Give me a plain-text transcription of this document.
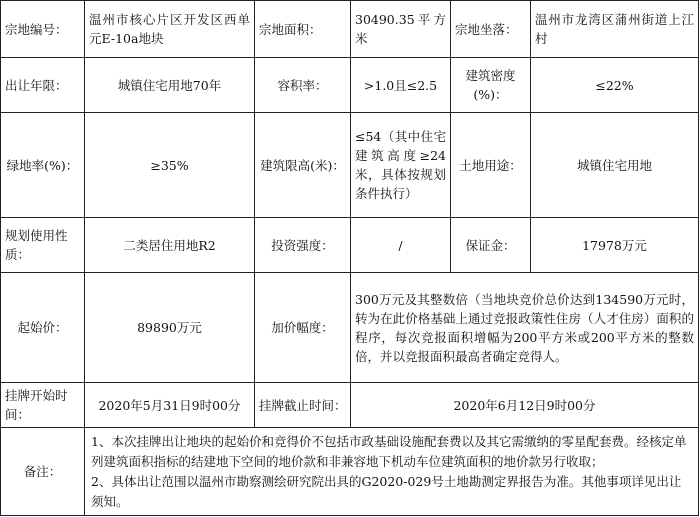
宗地编号：	温州市核心片区开发区西单元E-10a地块	宗地面积：	30490.35平方米	宗地坐落：	温州市龙湾区蒲州街道上江村
出让年限：	城镇住宅用地70年	容积率：	>1.0且≤2.5	建筑密度(%)：	≤22%
绿地率(%)：	≥35%	建筑限高(米)：	≤54（其中住宅建筑高度≥24米，具体按规划条件执行）	土地用途：	城镇住宅用地
规划使用性质：	二类居住用地R2	投资强度：	/	保证金：	17978万元
起始价：	89890万元	加价幅度：	300万元及其整数倍（当地块竞价总价达到134590万元时，转为在此价格基础上通过竞报政策性住房（人才住房）面积的程序，每次竞报面积增幅为200平方米或200平方米的整数倍，并以竞报面积最高者确定竞得人。		
挂牌开始时间：	2020年5月31日9时00分	挂牌截止时间：	2020年6月12日9时00分		
备注：	1、本次挂牌出让地块的起始价和竞得价不包括市政基础设施配套费以及其它需缴纳的零星配套费。经核定单列建筑面积指标的结建地下空间的地价款和非兼容地下机动车位建筑面积的地价款另行收取；
2、具体出让范围以温州市勘察测绘研究院出具的G2020-029号土地勘测定界报告为准。其他事项详见出让须知。				
